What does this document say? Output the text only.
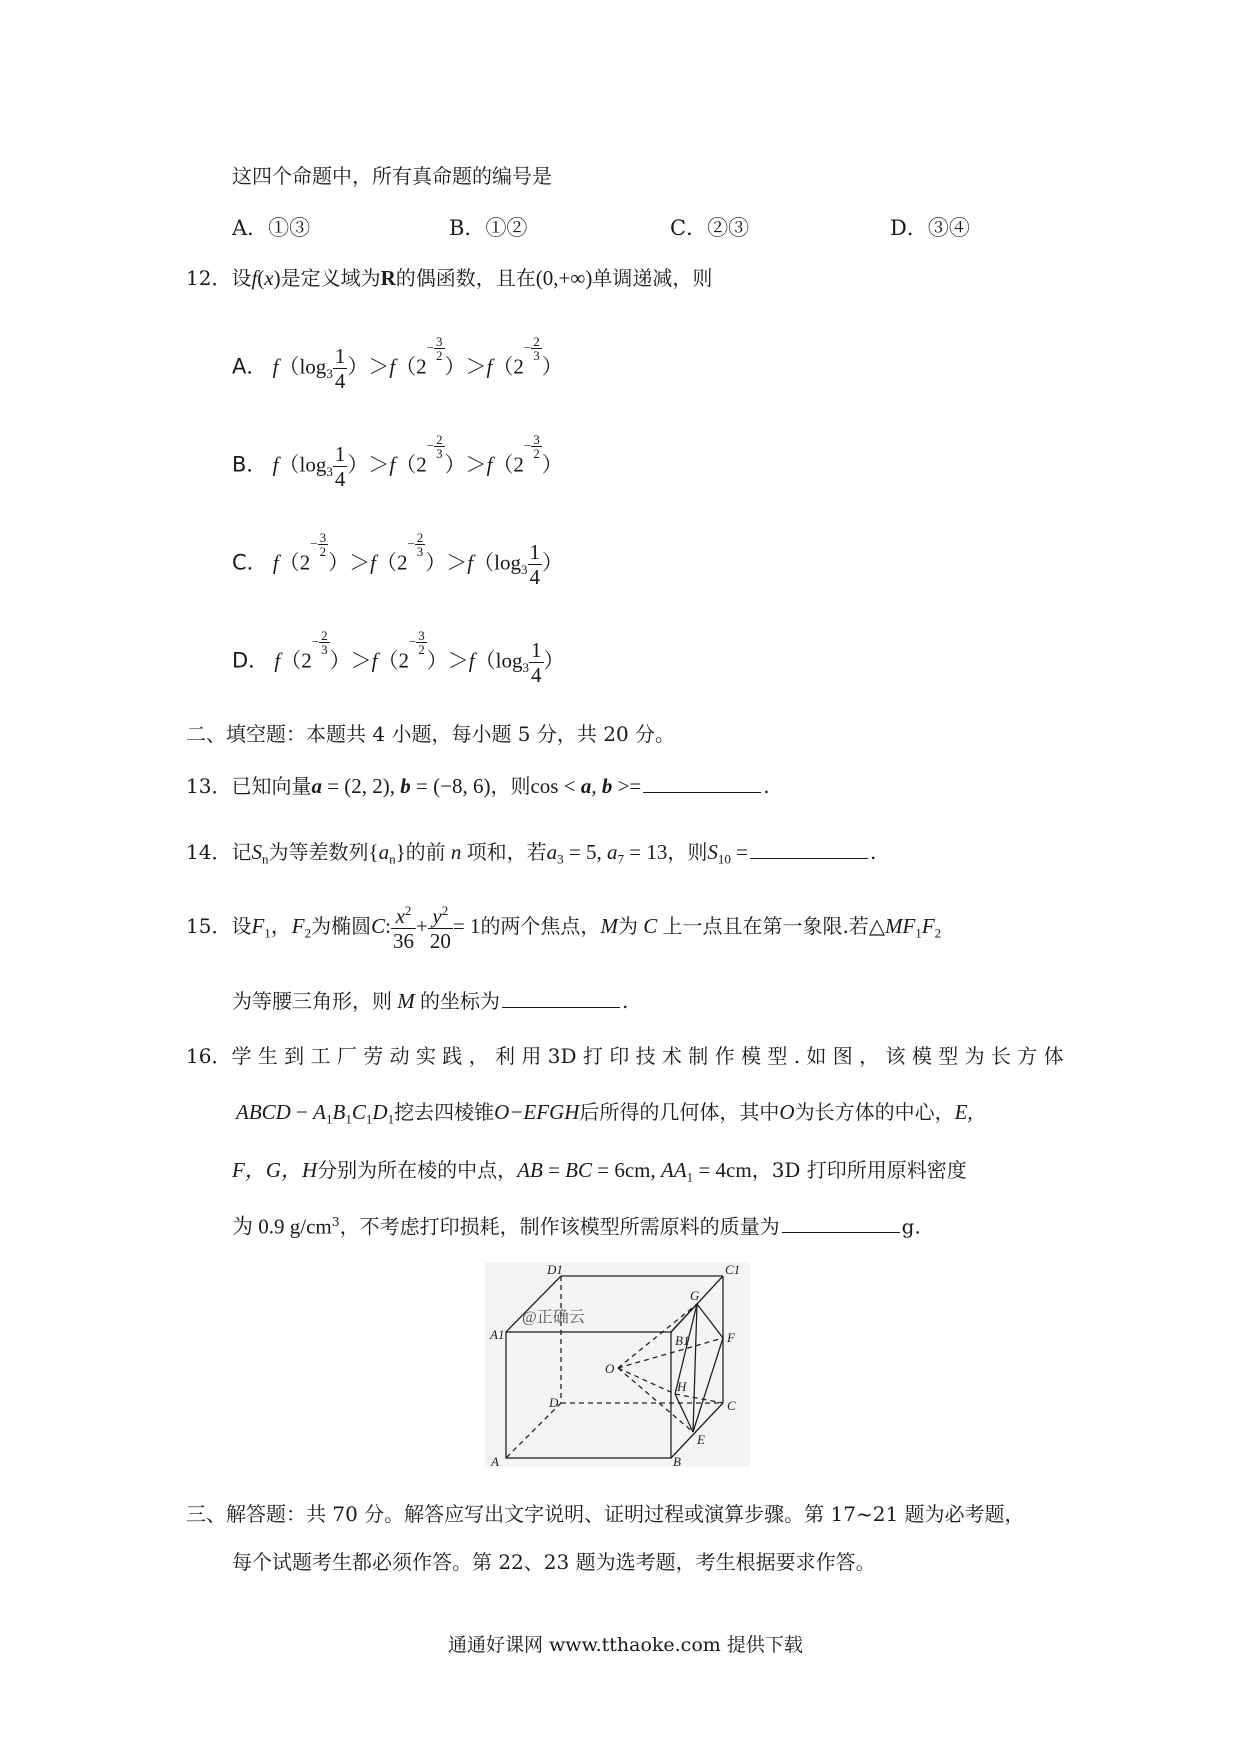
这四个命题中，所有真命题的编号是
A．①③	B．①②	C．②③	D．③④
12．设f(x)是定义域为R的偶函数，且在(0,+∞)单调递减，则
A． $f(\log_3 \frac{1}{4} )>f(2- \frac{3}{2}$
）$>f(2- \frac{2}{3}$
）
B． $f(\log_3 \frac{1}{4} )>f(2- \frac{2}{3}$
）$>f(2- \frac{3}{2}$
）
C． $f(2- \frac{3}{2}$
）$>f(2- \frac{2}{3}$
）$>f(\log_3 \frac{1}{4}$ ）
D． $f(2- \frac{2}{3}$
）$>f(2- \frac{3}{2}$
）$>f(\log_3 \frac{1}{4}$ ）
二、填空题：本题共 4 小题，每小题 5 分，共 20 分。
13．已知向量a = (2, 2), b = (−8, 6)，则cos < a, b >=	.
14．记$S_n$为等差数列$\{a_n\}$的前 n 项和，若$a_3 = 5$, $a_7 = 13$，则$S_{10}$ =	.
15．设$F_1$，$F_2$为椭圆C: $\frac{x^2}{36} + \frac{y^2}{20} = 1$的两个焦点，M为 C 上一点且在第一象限.若$\triangle MF_1F_2$
为等腰三角形，则 M 的坐标为	.
16．学 生 到 工 厂 劳 动 实 践 ， 利 用 3D 打 印 技 术 制 作 模 型 . 如 图 ， 该 模 型 为 长 方 体
ABCD − $A_1B_1C_1D_1$挖去四棱锥O−EFGH后所得的几何体，其中O为长方体的中心，E,
F，G，H分别为所在棱的中点，AB = BC = 6cm, $AA_1 = 4cm$，3D 打印所用原料密度
为 0.9 $g/cm^3$，不考虑打印损耗，制作该模型所需原料的质量为	g.
@正确云
D1	C1
A1	B1
G
F
O
H
D	C
E
A	B
三、解答题：共 70 分。解答应写出文字说明、证明过程或演算步骤。第 17~21 题为必考题，
每个试题考生都必须作答。第 22、23 题为选考题，考生根据要求作答。
通通好课网 www.tthaoke.com 提供下载
